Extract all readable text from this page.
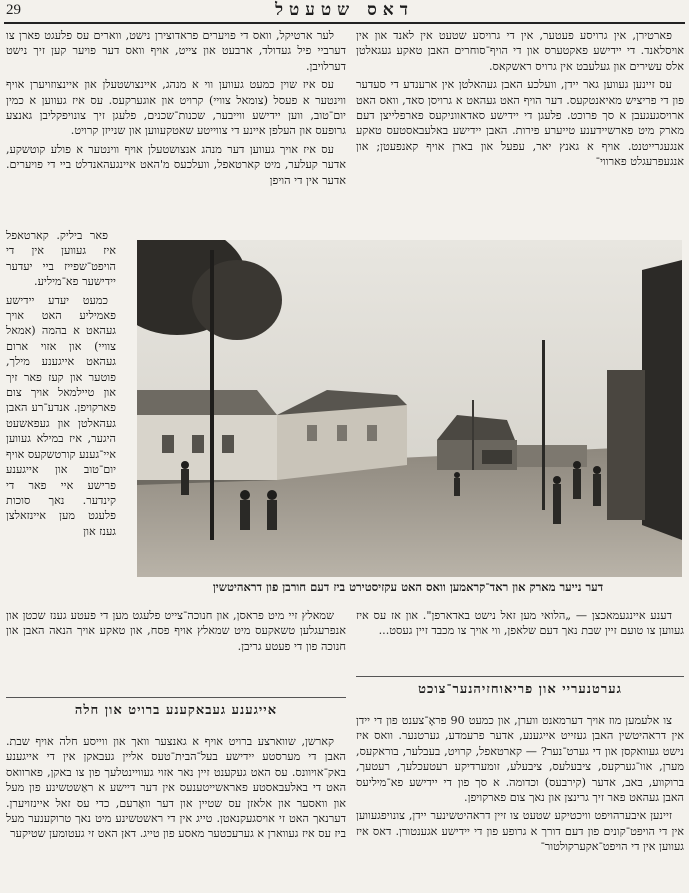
29	דאס שטעטל

פארטירן, אין גרויסע פעטער, אין די גרויסע שטעט אין לאנד און אין אויסלאנד. די יידישע פאקטערס און די הויף־סוחרים האבן טאקע געגאלטן אלס עשירים און געלעבט אין גרויס ראשקאס.

עס זיינען געווען גאר יידן, וועלכע האבן געהאלטן אין ארענדע די סעדער פון די פריציש מאיאנטקעס. דער הויף האט געהאט א גרויסן סאד, וואס האט ארויסגעגעבן א סך פרוכט. פלעגן די יידישע סאדאווניקעס פארפלייצן דעם מארק מיט פארשיידענע טייערע פירות. האבן יידישע באלעבאסטעס טאקע אנגעגרייטנט. אויף א גאנץ יאר, עפעל און בארן אויף קאנפעטן; און אנגעפרעגלט פארווי־

לער ארטיקל, וואס די פויערים פראדוצירן נישט, ווארים עס פלעגט פארן צו דערביי פיל געדולד, ארבעט און צייט, אויף וואס דער פויער קען זיך נישט דערלויבן.

עס איז שוין כמעט געווען ווי א מנהג, איינצושטעלן און איינצוזויערן אויף ווינטער א פעסל (צומאל צוויי) קרויט און אוגערקעס. עס איז געווען א כמין יום־טוב, ווען יידישע ווייבער, שכנות־שכנים, פלעגן זיך צונויפקליבן גאנצע גרופעס און העלפן איינע די צווייטע שאטקעווען און שנייזן קרויט.

עס איז אויך געווען דער מנהג אנצושטעלן אויף ווינטער א פולע קוטשקע, אדער קעלער, מיט קארטאפל, וועלכעס מ'האט איינגעהאנדלט ביי די פויערים. אדער אין די הויפן

פאר ביליק. קארטאפל איז געווען אין די הויפט־שפייז ביי יעדער יידישער פא־מיליע.

כמעט יעדע יידישע פאמיליע האט אויך געהאט א בהמה (אמאל צוויי) און אזוי ארום געהאט אייגענע מילך, פוטער און קעז פאר זיך און טיילמאל אויך צום פארקויפן. אנדע־רע האבן געהאלטן און געפאשעט היגער, איז במילא געווען איי־גענע קורטשקעס אויף יום־טוב און אייגענע פרישע איי פאר די קינדער. נאך סוכות פלעגט מען איינזאלצן גענז און

דער נייער מארק און ראד־קראמען וואס האט עקזיסטירט ביז דעם חורבן פון דראהיטשין

דענע איינגעמאכצן — „הלואי מען זאל נישט באדארפן". און אז עס איז געווען צו טועם זיין שבת נאך דעם שלאפן, ווי אויך צו מכבד זיין געסט...

שמאלץ זיי מיט פראסן, און חנוכה־צייט פלעגט מען די פעטע גענז שכטן און אנפרעגלען טשאקעס מיט שמאלץ אויף פסח, און טאקע אויך הנאה האבן און חנוכה פון די פעטע גריבן.

גערטנעריי און פריאוחזיהנער־צוכט
אייגענע געבאקענע ברויט און חלה

צו אלעמען מוז אויך דערמאנט ווערן, און כמעט 90 פראָ־צענט פון די יידן אין דראהיטשין האבן געזייט אייגענע, אדער פרעמדע, גערטנער. וואס איז נישט געוואקסן און די גערט־נער? — קארטאפל, קרויט, בעבלער, בוראקעס, מערן, אוו־גערקעס, ציבעלעס, ציבעלע, זומערדיקע רעטעכלעך, רעטעך, ברוקווע, באב, אדער (קירבעס) וכדומה. א סך פון די יידישע פא־מיליעס האבן געהאט פאר זיך גרינצן און נאך צום פארקויפן.

זיינען איבערהויפט וויכטיקע שטעט צו זיין דראהיטשינער יידן, צונויפגעווען אין די הויפט־קונים פון דעם דורך א גרופע פון די יידישע אגענטורן. דאס איז געווען אין די הויפט־אקערקולטור־

קארשן, שווארצע ברויט אויף א גאנצער וואך און ווייסע חלה אויף שבת. האבן די מערסטע יידישע בעל־הבית־טעס אליין געבאקן אין די אייגענע באק־אויוונס. עס האט געקענט זיין נאר אזוי געוויינטלעך פון צו באקן, פארוואס האט די באלעבאסטע פאראשייטענעס אין דער דיישע א ראַשטשינע פון מעל און וואסער און אלאזן עס שטיין און דער וואַרעם, כדי עס זאל איינזויערן. דערנאך האט זי אויסגעקנאטן. טייג אין די ראשטשינע מיט נאך טרוקענער מעל ביז עס איז געווארן א גערעכטער מאסע פון טייג. דאן האט זי געטומען שטיקער
